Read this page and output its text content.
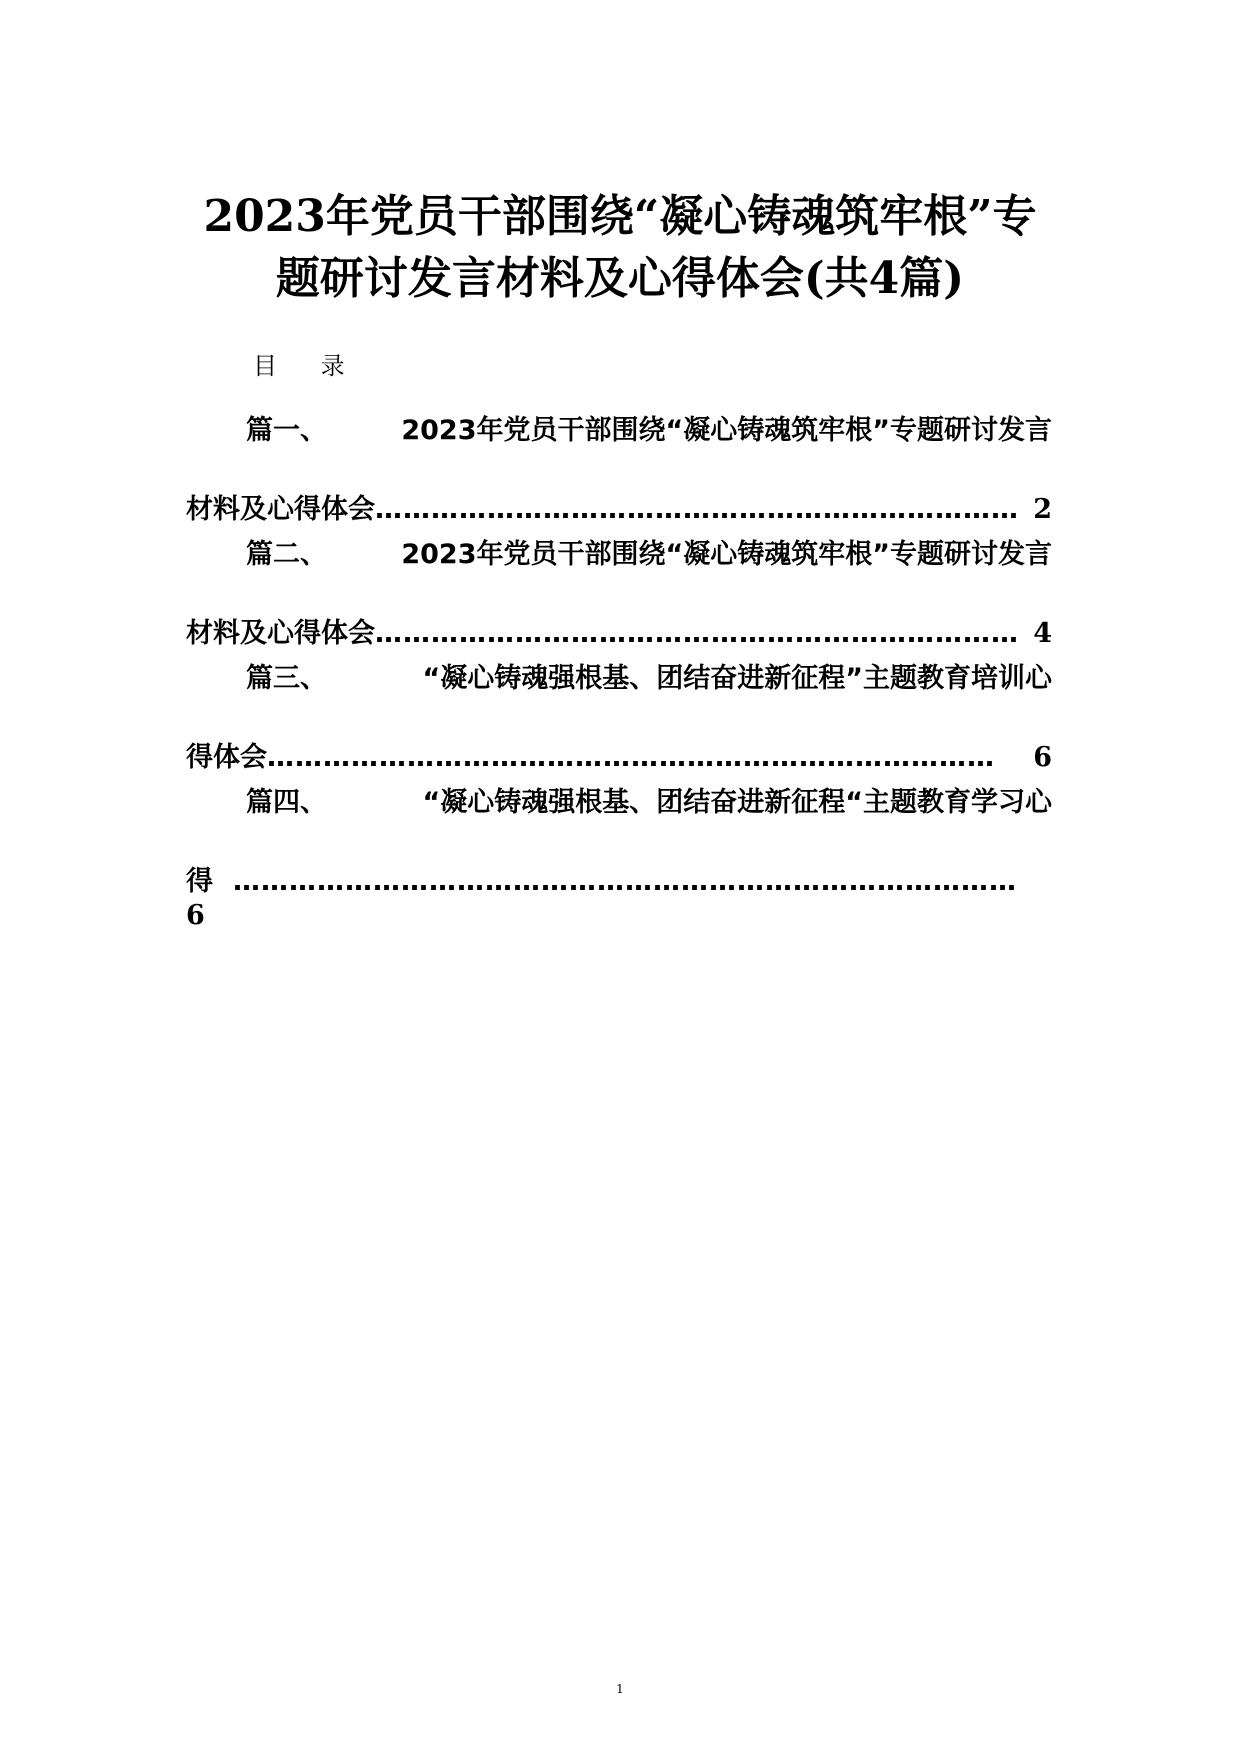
2023年党员干部围绕“凝心铸魂筑牢根”专
题研讨发言材料及心得体会(共4篇)
目 录
篇一、	2023年党员干部围绕“凝心铸魂筑牢根”专题研讨发言
材料及心得体会 …………………………………………………………… 2
篇二、	2023年党员干部围绕“凝心铸魂筑牢根”专题研讨发言
材料及心得体会 …………………………………………………………… 4
篇三、	“凝心铸魂强根基、团结奋进新征程”主题教育培训心
得体会 ……………………………………………………………………	6
篇四、	“凝心铸魂强根基、团结奋进新征程“主题教育学习心
得 …………………………………………………………………………
6
1
